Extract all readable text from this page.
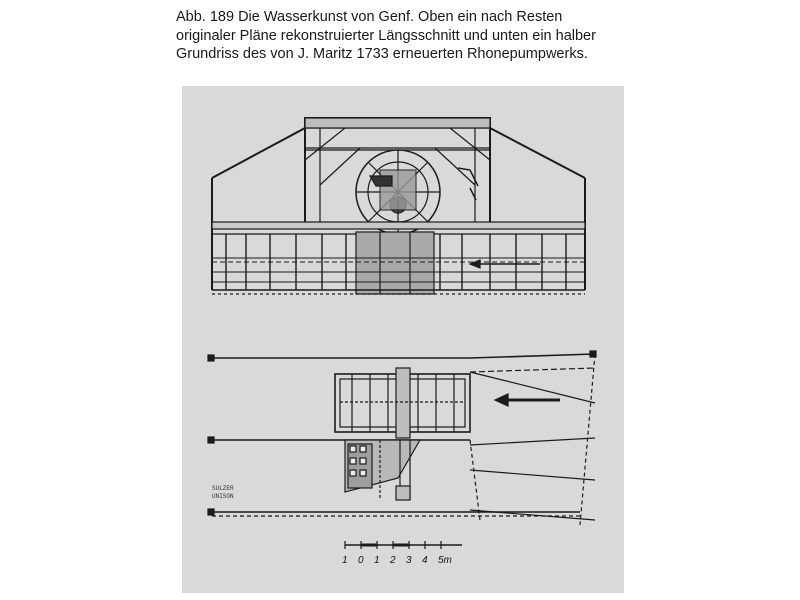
Abb. 189 Die Wasserkunst von Genf. Oben ein nach Resten
originaler Pläne rekonstruierter Längsschnitt und unten ein halber
Grundriss des von J. Maritz 1733 erneuerten Rhonepumpwerks.
SULZER
UNISON
1 0 1 2 3 4 5m
